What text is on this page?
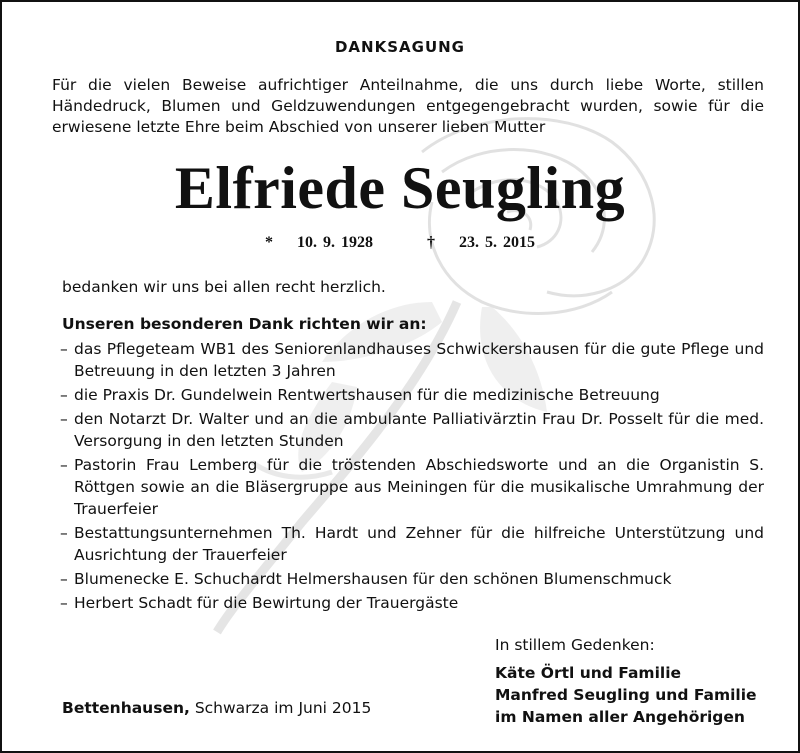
DANKSAGUNG
Für die vielen Beweise aufrichtiger Anteilnahme, die uns durch liebe Worte, stillen Händedruck, Blumen und Geldzuwendungen entgegengebracht wurden, sowie für die erwiesene letzte Ehre beim Abschied von unserer lieben Mutter
Elfriede Seugling
* 10. 9. 1928	† 23. 5. 2015
bedanken wir uns bei allen recht herzlich.
Unseren besonderen Dank richten wir an:
– das Pflegeteam WB1 des Seniorenlandhauses Schwickershausen für die gute Pflege und Betreuung in den letzten 3 Jahren
– die Praxis Dr. Gundelwein Rentwertshausen für die medizinische Betreuung
– den Notarzt Dr. Walter und an die ambulante Palliativärztin Frau Dr. Posselt für die med. Versorgung in den letzten Stunden
– Pastorin Frau Lemberg für die tröstenden Abschiedsworte und an die Organistin S. Röttgen sowie an die Bläsergruppe aus Meiningen für die musikalische Umrahmung der Trauerfeier
– Bestattungsunternehmen Th. Hardt und Zehner für die hilfreiche Unterstützung und Ausrichtung der Trauerfeier
– Blumenecke E. Schuchardt Helmershausen für den schönen Blumenschmuck
– Herbert Schadt für die Bewirtung der Trauergäste
In stillem Gedenken:
Käte Örtl und Familie
Manfred Seugling und Familie
im Namen aller Angehörigen
Bettenhausen, Schwarza im Juni 2015
